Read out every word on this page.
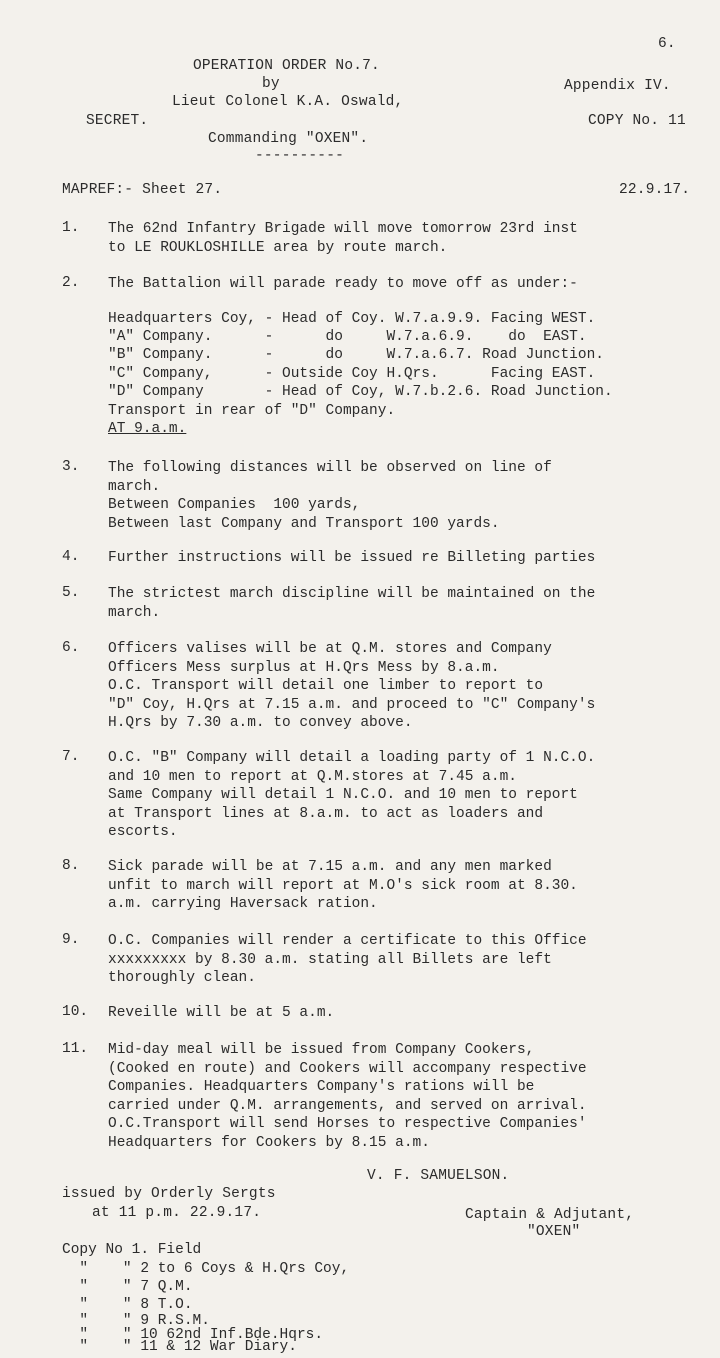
6.
OPERATION ORDER No.7.
by	Appendix IV.
Lieut Colonel K.A. Oswald,
SECRET.	COPY No. 11
Commanding "OXEN".
----------
MAPREF:- Sheet 27.	22.9.17.
1. The 62nd Infantry Brigade will move tomorrow 23rd inst
to LE ROUKLOSHILLE area by route march.
2. The Battalion will parade ready to move off as under:-
Headquarters Coy, - Head of Coy. W.7.a.9.9. Facing WEST.
"A" Company.      -      do     W.7.a.6.9.    do  EAST.
"B" Company.      -      do     W.7.a.6.7. Road Junction.
"C" Company,      - Outside Coy H.Qrs.      Facing EAST.
"D" Company       - Head of Coy, W.7.b.2.6. Road Junction.
Transport in rear of "D" Company.
AT 9.a.m.
3. The following distances will be observed on line of
march.
Between Companies  100 yards,
Between last Company and Transport 100 yards.
4. Further instructions will be issued re Billeting parties
5. The strictest march discipline will be maintained on the
march.
6. Officers valises will be at Q.M. stores and Company
Officers Mess surplus at H.Qrs Mess by 8.a.m.
O.C. Transport will detail one limber to report to
"D" Coy, H.Qrs at 7.15 a.m. and proceed to "C" Company's
H.Qrs by 7.30 a.m. to convey above.
7. O.C. "B" Company will detail a loading party of 1 N.C.O.
and 10 men to report at Q.M.stores at 7.45 a.m.
Same Company will detail 1 N.C.O. and 10 men to report
at Transport lines at 8.a.m. to act as loaders and
escorts.
8. Sick parade will be at 7.15 a.m. and any men marked
unfit to march will report at M.O's sick room at 8.30.
a.m. carrying Haversack ration.
9. O.C. Companies will render a certificate to this Office
xxxxxxxxx by 8.30 a.m. stating all Billets are left
thoroughly clean.
10. Reveille will be at 5 a.m.
11. Mid-day meal will be issued from Company Cookers,
(Cooked en route) and Cookers will accompany respective
Companies. Headquarters Company's rations will be
carried under Q.M. arrangements, and served on arrival.
O.C.Transport will send Horses to respective Companies'
Headquarters for Cookers by 8.15 a.m.
V. F. SAMUELSON.
issued by Orderly Sergts
at 11 p.m. 22.9.17.	Captain & Adjutant,
"OXEN"
Copy No 1. Field
"    " 2 to 6 Coys & H.Qrs Coy,
"    " 7 Q.M.
"    " 8 T.O.
"    " 9 R.S.M.
"    " 10 62nd Inf.Bde.Hqrs.
"    " 11 & 12 War Diary.
